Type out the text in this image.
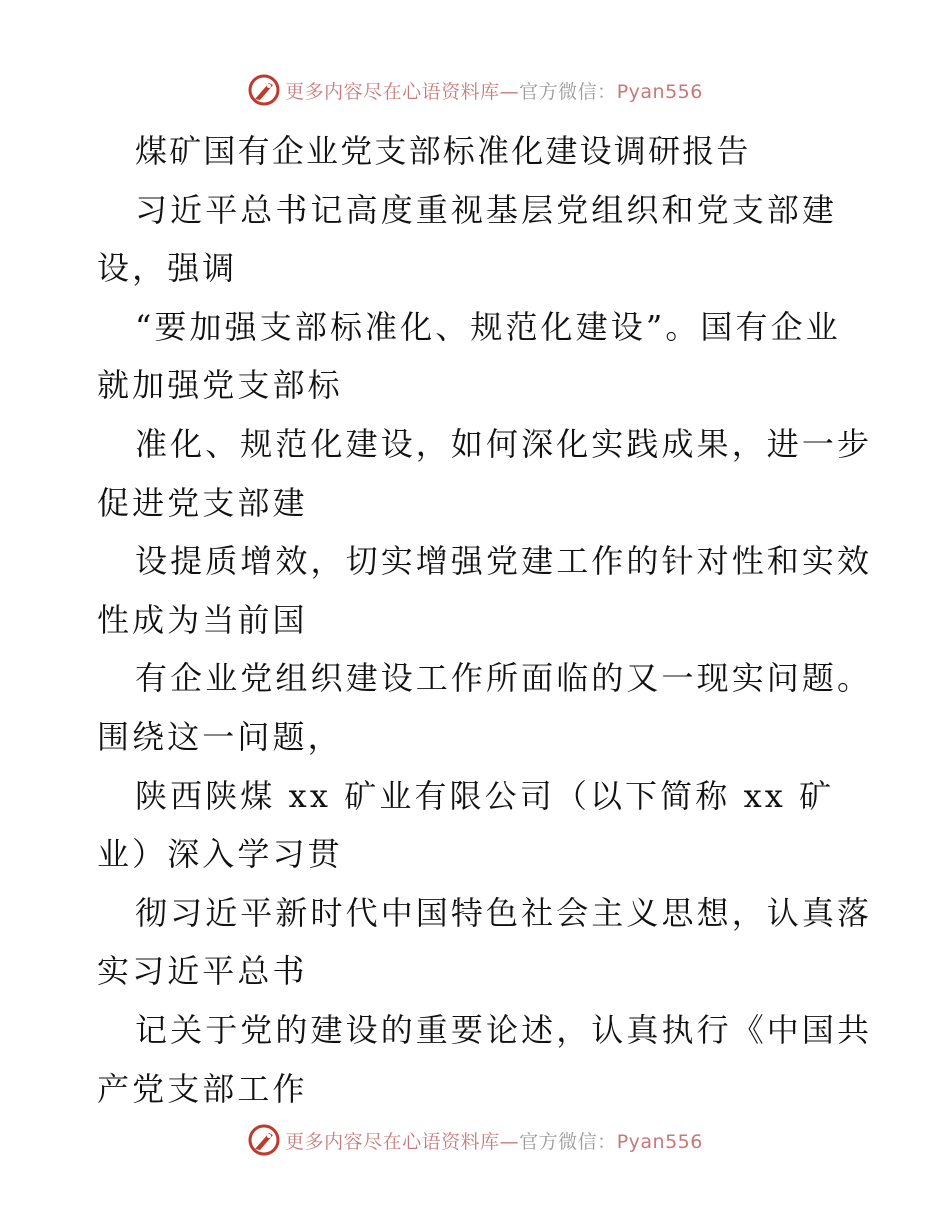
更多内容尽在心语资料库—官方微信：Pyan556
煤矿国有企业党支部标准化建设调研报告
习近平总书记高度重视基层党组织和党支部建
设，强调
“要加强支部标准化、规范化建设”。国有企业
就加强党支部标
准化、规范化建设，如何深化实践成果，进一步
促进党支部建
设提质增效，切实增强党建工作的针对性和实效
性成为当前国
有企业党组织建设工作所面临的又一现实问题。
围绕这一问题，
陕西陕煤 xx 矿业有限公司（以下简称 xx 矿
业）深入学习贯
彻习近平新时代中国特色社会主义思想，认真落
实习近平总书
记关于党的建设的重要论述，认真执行《中国共
产党支部工作
更多内容尽在心语资料库—官方微信：Pyan556
